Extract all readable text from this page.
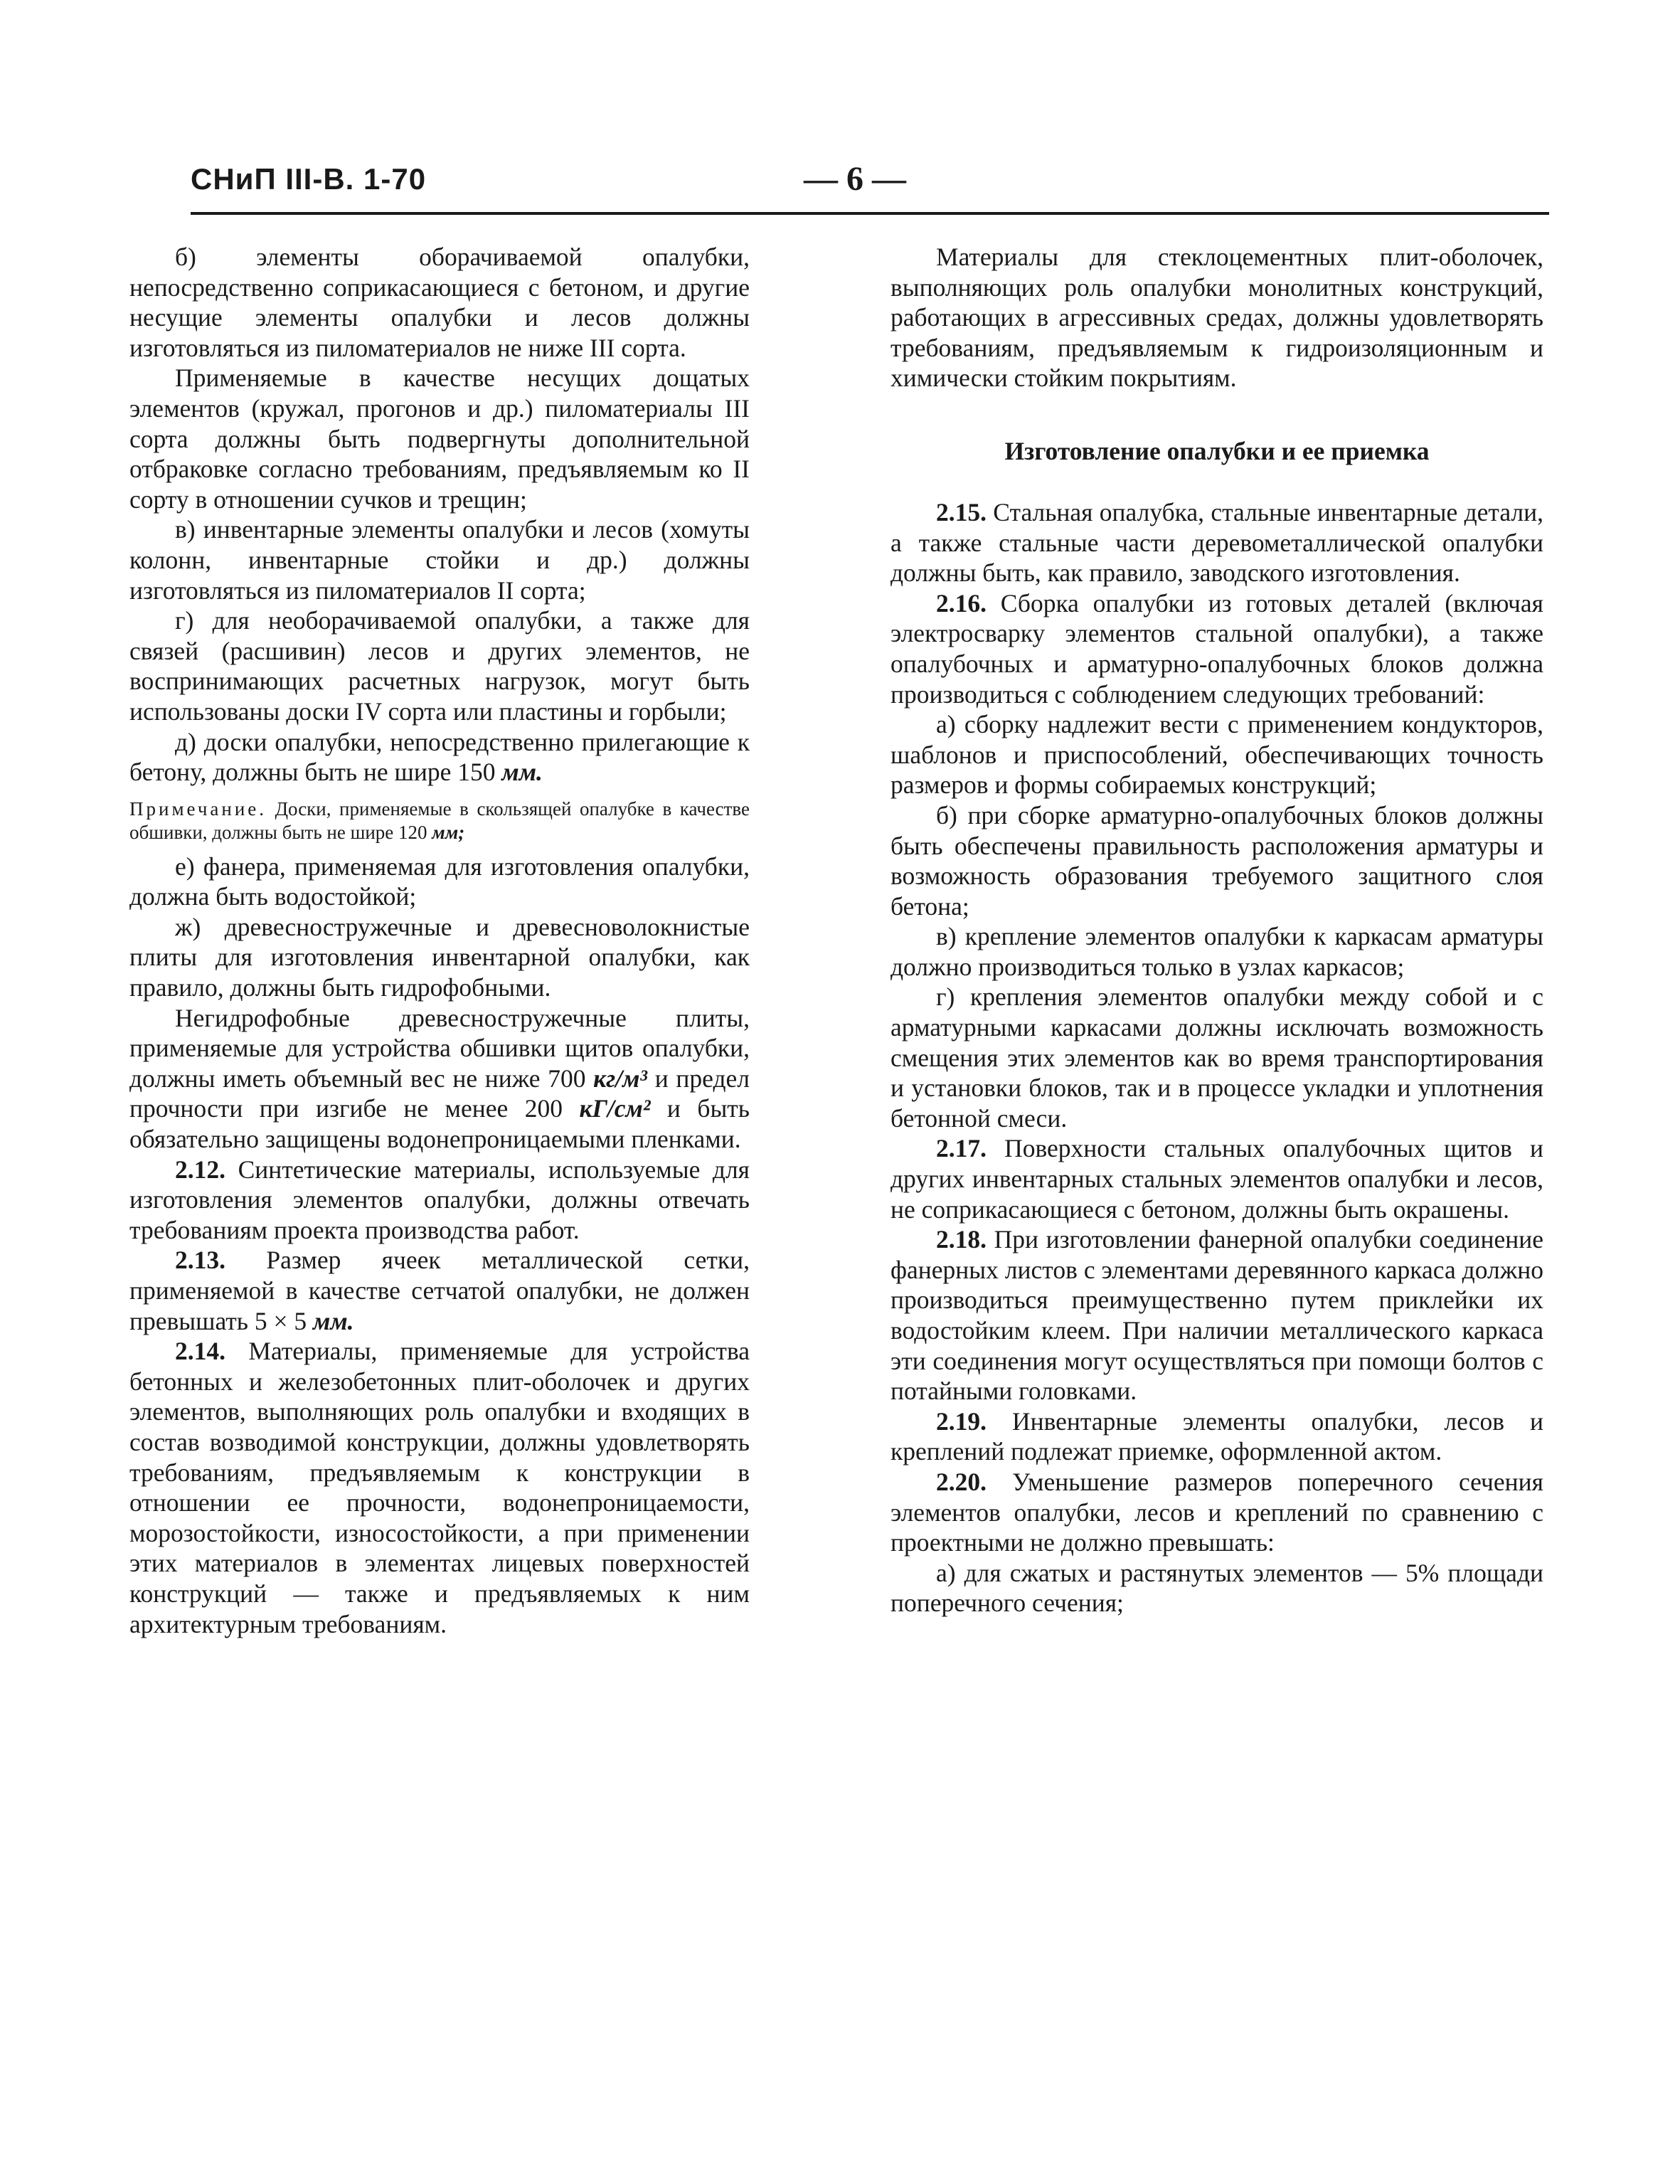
СНиП III-В. 1-70	— 6 —

б) элементы оборачиваемой опалубки, непосредственно соприкасающиеся с бетоном, и другие несущие элементы опалубки и лесов должны изготовляться из пиломатериалов не ниже III сорта.

Применяемые в качестве несущих дощатых элементов (кружал, прогонов и др.) пиломатериалы III сорта должны быть подвергнуты дополнительной отбраковке согласно требованиям, предъявляемым ко II сорту в отношении сучков и трещин;

в) инвентарные элементы опалубки и лесов (хомуты колонн, инвентарные стойки и др.) должны изготовляться из пиломатериалов II сорта;

г) для необорачиваемой опалубки, а также для связей (расшивин) лесов и других элементов, не воспринимающих расчетных нагрузок, могут быть использованы доски IV сорта или пластины и горбыли;

д) доски опалубки, непосредственно прилегающие к бетону, должны быть не шире 150 мм.

Примечание. Доски, применяемые в скользящей опалубке в качестве обшивки, должны быть не шире 120 мм;

е) фанера, применяемая для изготовления опалубки, должна быть водостойкой;

ж) древесностружечные и древесноволокнистые плиты для изготовления инвентарной опалубки, как правило, должны быть гидрофобными.

Негидрофобные древесностружечные плиты, применяемые для устройства обшивки щитов опалубки, должны иметь объемный вес не ниже 700 кг/м³ и предел прочности при изгибе не менее 200 кГ/см² и быть обязательно защищены водонепроницаемыми пленками.

2.12. Синтетические материалы, используемые для изготовления элементов опалубки, должны отвечать требованиям проекта производства работ.

2.13. Размер ячеек металлической сетки, применяемой в качестве сетчатой опалубки, не должен превышать 5 × 5 мм.

2.14. Материалы, применяемые для устройства бетонных и железобетонных плит-оболочек и других элементов, выполняющих роль опалубки и входящих в состав возводимой конструкции, должны удовлетворять требованиям, предъявляемым к конструкции в отношении ее прочности, водонепроницаемости, морозостойкости, износостойкости, а при применении этих материалов в элементах лицевых поверхностей конструкций — также и предъявляемых к ним архитектурным требованиям.

Материалы для стеклоцементных плит-оболочек, выполняющих роль опалубки монолитных конструкций, работающих в агрессивных средах, должны удовлетворять требованиям, предъявляемым к гидроизоляционным и химически стойким покрытиям.

Изготовление опалубки и ее приемка

2.15. Стальная опалубка, стальные инвентарные детали, а также стальные части деревометаллической опалубки должны быть, как правило, заводского изготовления.

2.16. Сборка опалубки из готовых деталей (включая электросварку элементов стальной опалубки), а также опалубочных и арматурно-опалубочных блоков должна производиться с соблюдением следующих требований:

а) сборку надлежит вести с применением кондукторов, шаблонов и приспособлений, обеспечивающих точность размеров и формы собираемых конструкций;

б) при сборке арматурно-опалубочных блоков должны быть обеспечены правильность расположения арматуры и возможность образования требуемого защитного слоя бетона;

в) крепление элементов опалубки к каркасам арматуры должно производиться только в узлах каркасов;

г) крепления элементов опалубки между собой и с арматурными каркасами должны исключать возможность смещения этих элементов как во время транспортирования и установки блоков, так и в процессе укладки и уплотнения бетонной смеси.

2.17. Поверхности стальных опалубочных щитов и других инвентарных стальных элементов опалубки и лесов, не соприкасающиеся с бетоном, должны быть окрашены.

2.18. При изготовлении фанерной опалубки соединение фанерных листов с элементами деревянного каркаса должно производиться преимущественно путем приклейки их водостойким клеем. При наличии металлического каркаса эти соединения могут осуществляться при помощи болтов с потайными головками.

2.19. Инвентарные элементы опалубки, лесов и креплений подлежат приемке, оформленной актом.

2.20. Уменьшение размеров поперечного сечения элементов опалубки, лесов и креплений по сравнению с проектными не должно превышать:

а) для сжатых и растянутых элементов — 5% площади поперечного сечения;
